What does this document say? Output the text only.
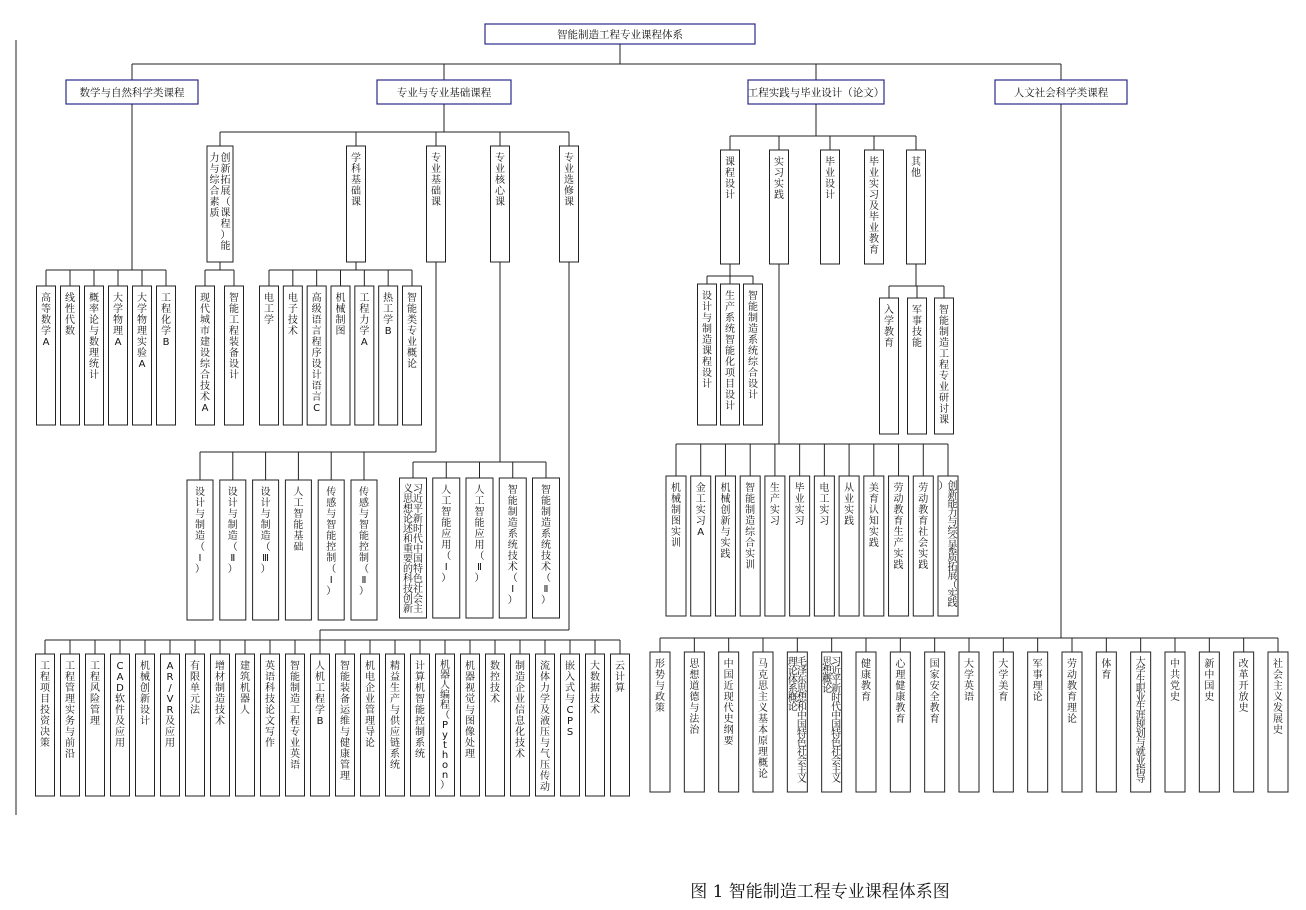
智能制造工程专业课程体系
数学与自然科学类课程	专业与专业基础课程	工程实践与毕业设计（论文）	人文社会科学类课程
高等数学 A
线性代数
概率论与数理统计
大学物理 A
大学物理实验 A
工程化学 B
创新拓展（课程）能力与综合素质
学科基础课
专业基础课
专业核心课
专业选修课
现代城市建设综合技术 A
智能工程装备设计
电工学
电子技术
高级语言程序设计语言 C
机械制图
工程力学 A
热工学 B
智能类专业概论
设计与制造（ Ⅰ ）
设计与制造（ Ⅱ ）
设计与制造（ Ⅲ ）
人工智能基础
传感与智能控制（ Ⅰ ）
传感与智能控制（ Ⅱ ）
习近平新时代中国特色社会主义思想论述和重要的科技创新
人工智能应用（ Ⅰ ）
人工智能应用（ Ⅱ ）
智能制造系统技术（ Ⅰ ）
智能制造系统技术（ Ⅱ ）
工程项目投资决策
工程管理实务与前沿
工程风险管理
C A D 软件及应用
机械创新设计
A R / V R 及应用
有限单元法
增材制造技术
建筑机器人
英语科技论文写作
智能制造工程专业英语
人机工程学 B
智能装备运维与健康管理
机电企业管理导论
精益生产与供应链系统
计算机智能控制系统
机器人编程（ P y t h o n ）
机器视觉与图像处理
数控技术
制造企业信息化技术
流体力学及液压与气压传动
嵌入式与 C P S
大数据技术
云计算
课程设计
实习实践
毕业设计
毕业实习及毕业教育
其他
设计与制造课程设计
生产系统智能化项目设计
智能制造系统综合设计
入学教育
军事技能
智能制造工程专业研讨课
机械制图实训
金工实习 A
机械创新与实践
智能制造综合实训
生产实习
毕业实习
电工实习
从业实践
美育认知实践
劳动教育生产实践
劳动教育社会实践
创新能力与综合素质拓展（实践）
形势与政策
思想道德与法治
中国近现代史纲要
马克思主义基本原理概论
毛泽东思想和中国特色社会主义理论体系概论
习近平新时代中国特色社会主义思想概论
健康教育
心理健康教育
国家安全教育
大学英语
大学美育
军事理论
劳动教育理论
体育
大学生职业生涯规划与就业指导
中共党史
新中国史
改革开放史
社会主义发展史
图 1 智能制造工程专业课程体系图
